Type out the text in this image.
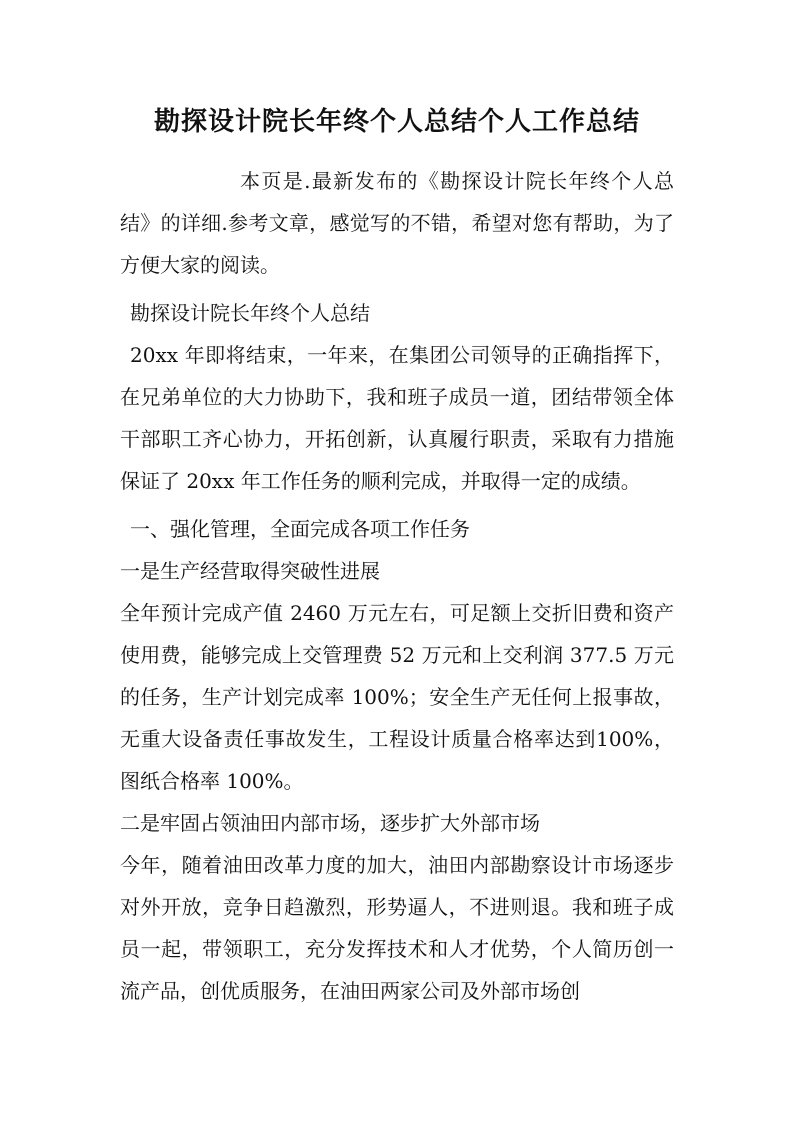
勘探设计院长年终个人总结个人工作总结

本页是.最新发布的《勘探设计院长年终个人总结》的详细.参考文章，感觉写的不错，希望对您有帮助，为了方便大家的阅读。

勘探设计院长年终个人总结

20xx 年即将结束，一年来，在集团公司领导的正确指挥下，在兄弟单位的大力协助下，我和班子成员一道，团结带领全体干部职工齐心协力，开拓创新，认真履行职责，采取有力措施保证了 20xx 年工作任务的顺利完成，并取得一定的成绩。

一、强化管理，全面完成各项工作任务

一是生产经营取得突破性进展

全年预计完成产值 2460 万元左右，可足额上交折旧费和资产使用费，能够完成上交管理费 52 万元和上交利润 377.5 万元的任务，生产计划完成率 100%；安全生产无任何上报事故，无重大设备责任事故发生，工程设计质量合格率达到100%，图纸合格率 100%。

二是牢固占领油田内部市场，逐步扩大外部市场

今年，随着油田改革力度的加大，油田内部勘察设计市场逐步对外开放，竞争日趋激烈，形势逼人，不进则退。我和班子成员一起，带领职工，充分发挥技术和人才优势，个人简历创一流产品，创优质服务，在油田两家公司及外部市场创
